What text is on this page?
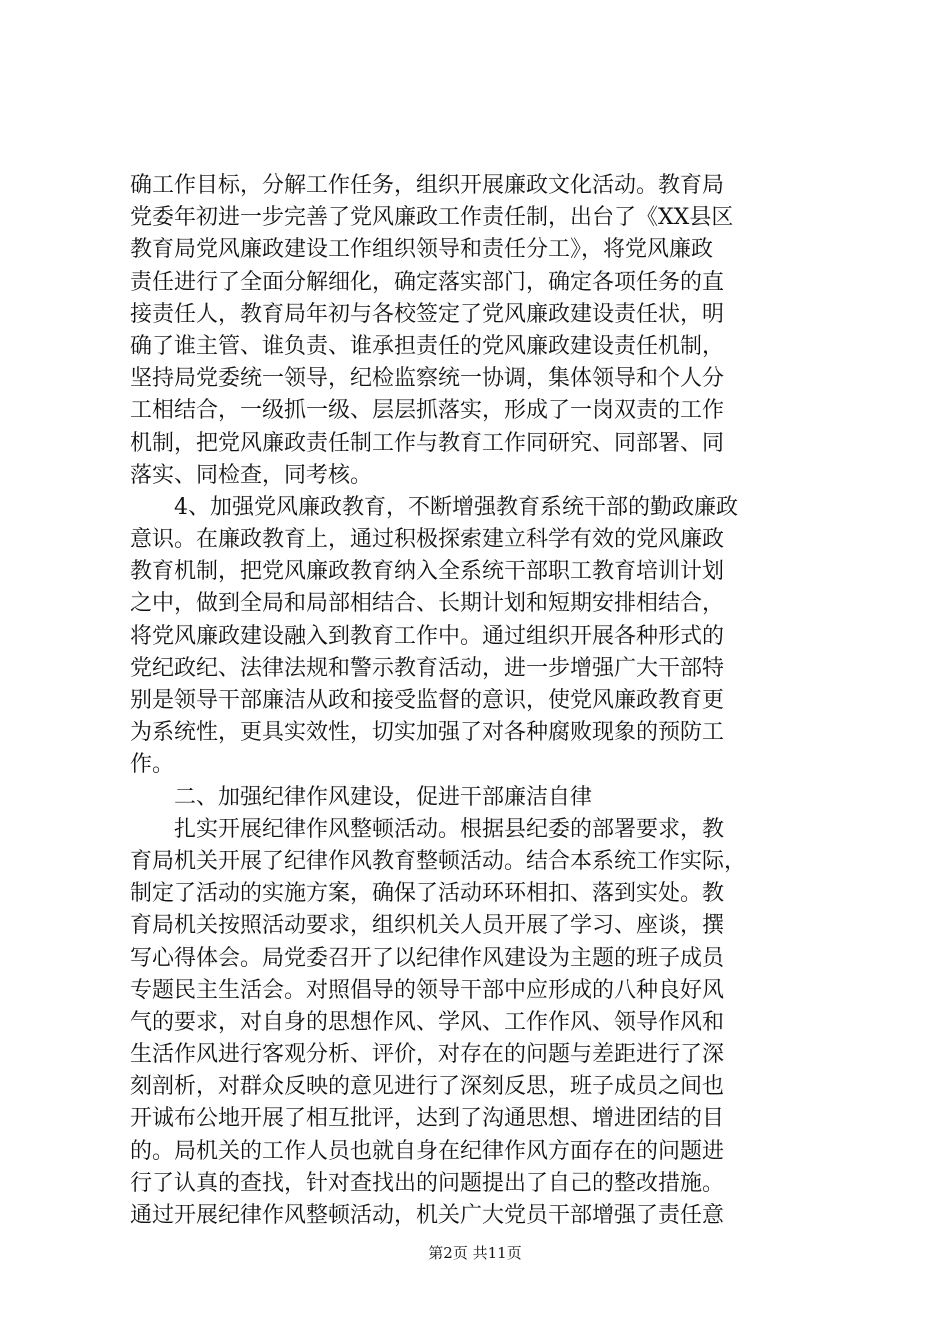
确工作目标，分解工作任务，组织开展廉政文化活动。教育局
党委年初进一步完善了党风廉政工作责任制，出台了《XX县区
教育局党风廉政建设工作组织领导和责任分工》，将党风廉政
责任进行了全面分解细化，确定落实部门，确定各项任务的直
接责任人，教育局年初与各校签定了党风廉政建设责任状，明
确了谁主管、谁负责、谁承担责任的党风廉政建设责任机制，
坚持局党委统一领导，纪检监察统一协调，集体领导和个人分
工相结合，一级抓一级、层层抓落实，形成了一岗双责的工作
机制，把党风廉政责任制工作与教育工作同研究、同部署、同
落实、同检查，同考核。
4、加强党风廉政教育，不断增强教育系统干部的勤政廉政
意识。在廉政教育上，通过积极探索建立科学有效的党风廉政
教育机制，把党风廉政教育纳入全系统干部职工教育培训计划
之中，做到全局和局部相结合、长期计划和短期安排相结合，
将党风廉政建设融入到教育工作中。通过组织开展各种形式的
党纪政纪、法律法规和警示教育活动，进一步增强广大干部特
别是领导干部廉洁从政和接受监督的意识，使党风廉政教育更
为系统性，更具实效性，切实加强了对各种腐败现象的预防工
作。
二、加强纪律作风建设，促进干部廉洁自律
扎实开展纪律作风整顿活动。根据县纪委的部署要求，教
育局机关开展了纪律作风教育整顿活动。结合本系统工作实际，
制定了活动的实施方案，确保了活动环环相扣、落到实处。教
育局机关按照活动要求，组织机关人员开展了学习、座谈，撰
写心得体会。局党委召开了以纪律作风建设为主题的班子成员
专题民主生活会。对照倡导的领导干部中应形成的八种良好风
气的要求，对自身的思想作风、学风、工作作风、领导作风和
生活作风进行客观分析、评价，对存在的问题与差距进行了深
刻剖析，对群众反映的意见进行了深刻反思，班子成员之间也
开诚布公地开展了相互批评，达到了沟通思想、增进团结的目
的。局机关的工作人员也就自身在纪律作风方面存在的问题进
行了认真的查找，针对查找出的问题提出了自己的整改措施。
通过开展纪律作风整顿活动，机关广大党员干部增强了责任意
第2页 共11页
